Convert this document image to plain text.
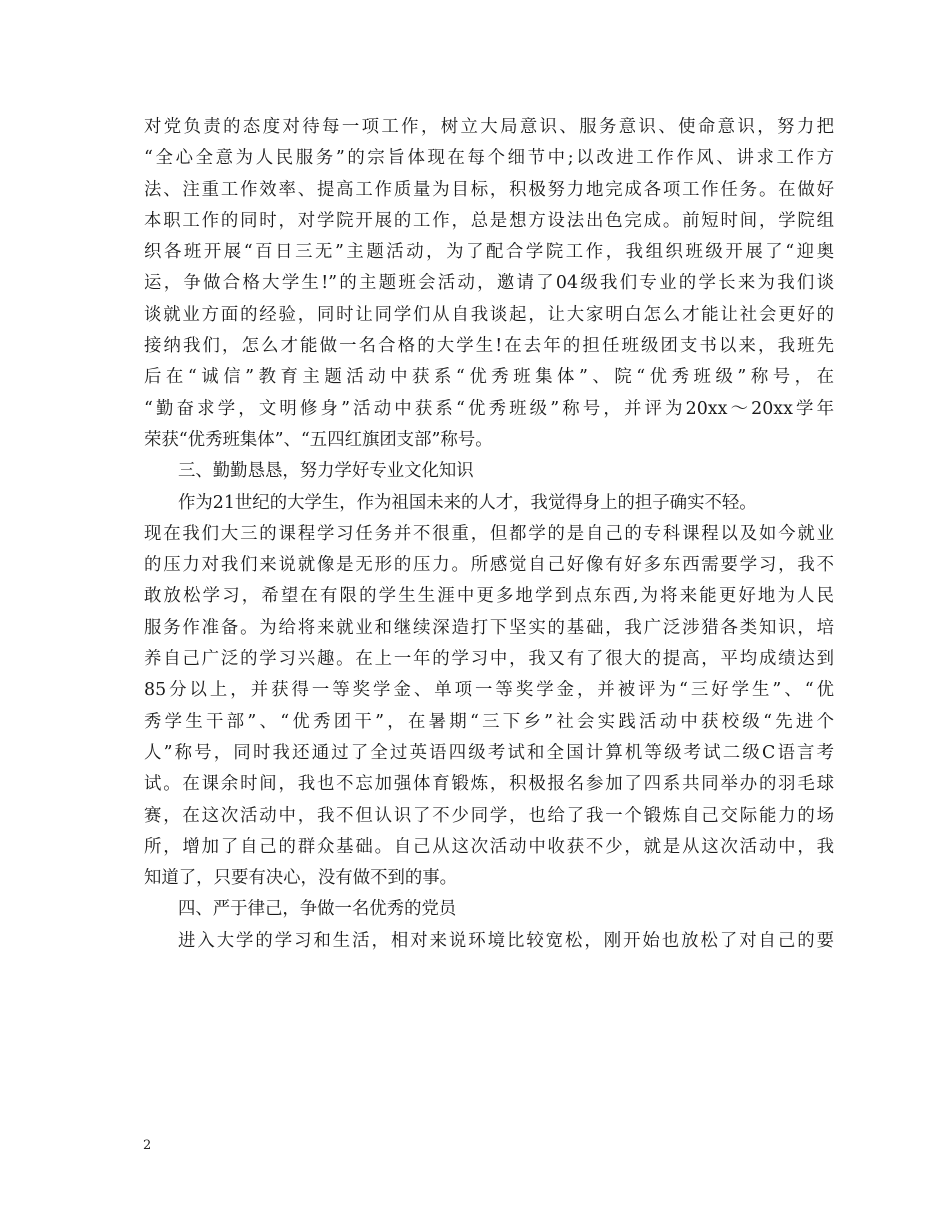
对党负责的态度对待每一项工作，树立大局意识、服务意识、使命意识，努力把
“全心全意为人民服务”的宗旨体现在每个细节中;以改进工作作风、讲求工作方
法、注重工作效率、提高工作质量为目标，积极努力地完成各项工作任务。在做好
本职工作的同时，对学院开展的工作，总是想方设法出色完成。前短时间，学院组
织各班开展“百日三无”主题活动，为了配合学院工作，我组织班级开展了“迎奥
运，争做合格大学生!”的主题班会活动，邀请了04级我们专业的学长来为我们谈
谈就业方面的经验，同时让同学们从自我谈起，让大家明白怎么才能让社会更好的
接纳我们，怎么才能做一名合格的大学生!在去年的担任班级团支书以来，我班先
后在“诚信”教育主题活动中获系“优秀班集体”、院“优秀班级”称号，在
“勤奋求学，文明修身”活动中获系“优秀班级”称号，并评为20xx～20xx学年
荣获“优秀班集体”、“五四红旗团支部”称号。
三、勤勤恳恳，努力学好专业文化知识
作为21世纪的大学生，作为祖国未来的人才，我觉得身上的担子确实不轻。
现在我们大三的课程学习任务并不很重，但都学的是自己的专科课程以及如今就业
的压力对我们来说就像是无形的压力。所感觉自己好像有好多东西需要学习，我不
敢放松学习，希望在有限的学生生涯中更多地学到点东西,为将来能更好地为人民
服务作准备。为给将来就业和继续深造打下坚实的基础，我广泛涉猎各类知识，培
养自己广泛的学习兴趣。在上一年的学习中，我又有了很大的提高，平均成绩达到
85分以上，并获得一等奖学金、单项一等奖学金，并被评为“三好学生”、“优
秀学生干部”、“优秀团干”，在暑期“三下乡”社会实践活动中获校级“先进个
人”称号，同时我还通过了全过英语四级考试和全国计算机等级考试二级C语言考
试。在课余时间，我也不忘加强体育锻炼，积极报名参加了四系共同举办的羽毛球
赛，在这次活动中，我不但认识了不少同学，也给了我一个锻炼自己交际能力的场
所，增加了自己的群众基础。自己从这次活动中收获不少，就是从这次活动中，我
知道了，只要有决心，没有做不到的事。
四、严于律己，争做一名优秀的党员
进入大学的学习和生活，相对来说环境比较宽松，刚开始也放松了对自己的要
2
